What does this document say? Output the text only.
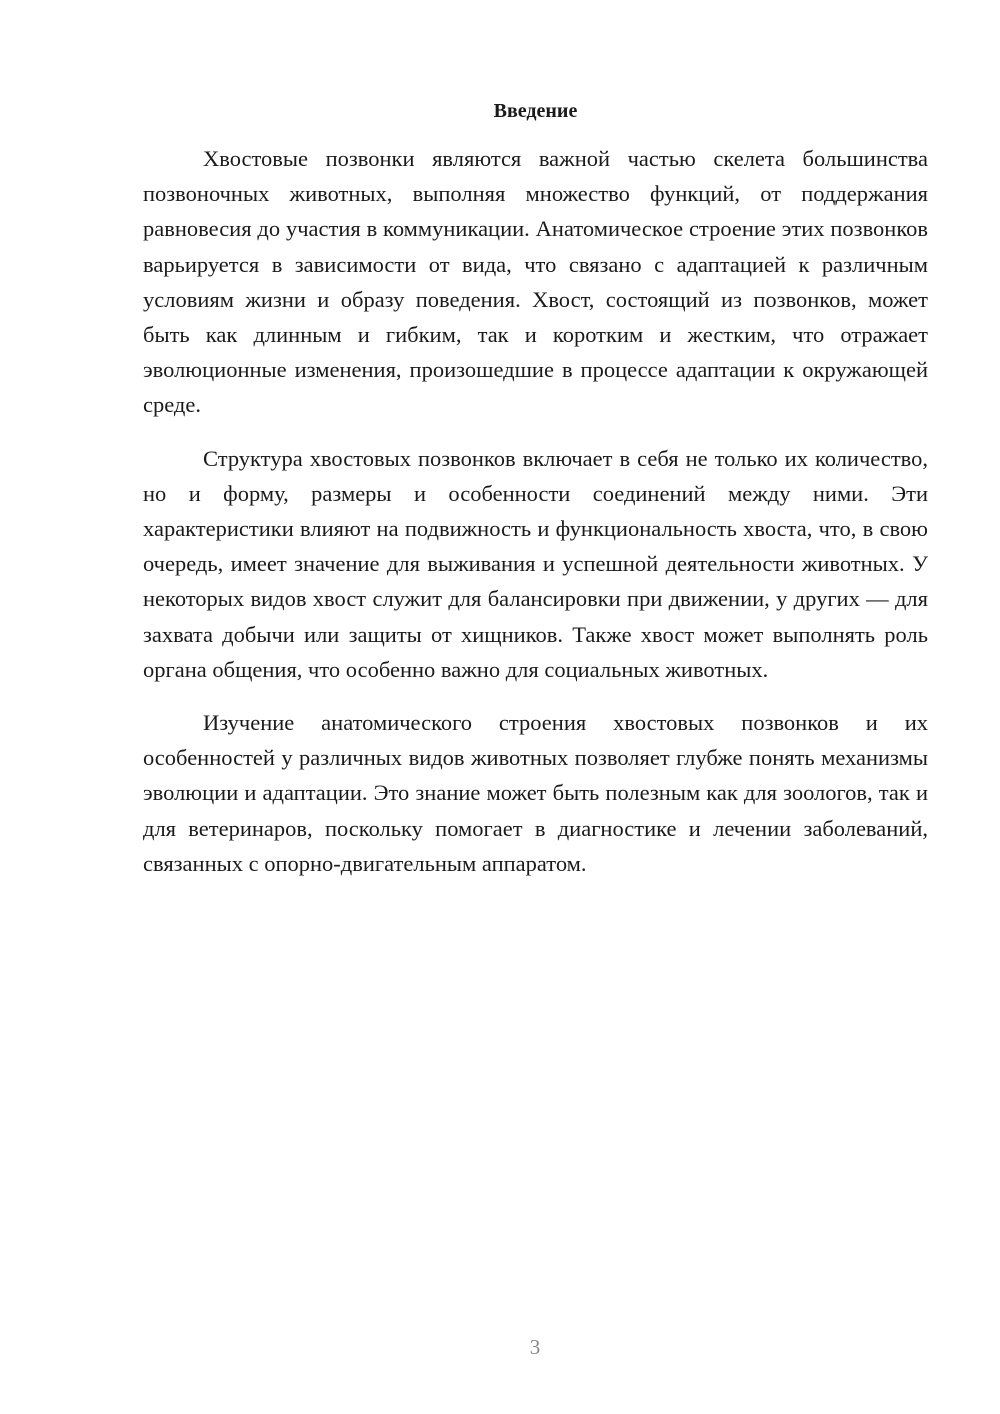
Введение

Хвостовые позвонки являются важной частью скелета большинства позвоночных животных, выполняя множество функций, от поддержания равновесия до участия в коммуникации. Анатомическое строение этих позвонков варьируется в зависимости от вида, что связано с адаптацией к различным условиям жизни и образу поведения. Хвост, состоящий из позвонков, может быть как длинным и гибким, так и коротким и жестким, что отражает эволюционные изменения, произошедшие в процессе адаптации к окружающей среде.

Структура хвостовых позвонков включает в себя не только их количество, но и форму, размеры и особенности соединений между ними. Эти характеристики влияют на подвижность и функциональность хвоста, что, в свою очередь, имеет значение для выживания и успешной деятельности животных. У некоторых видов хвост служит для балансировки при движении, у других — для захвата добычи или защиты от хищников. Также хвост может выполнять роль органа общения, что особенно важно для социальных животных.

Изучение анатомического строения хвостовых позвонков и их особенностей у различных видов животных позволяет глубже понять механизмы эволюции и адаптации. Это знание может быть полезным как для зоологов, так и для ветеринаров, поскольку помогает в диагностике и лечении заболеваний, связанных с опорно-двигательным аппаратом.

3
